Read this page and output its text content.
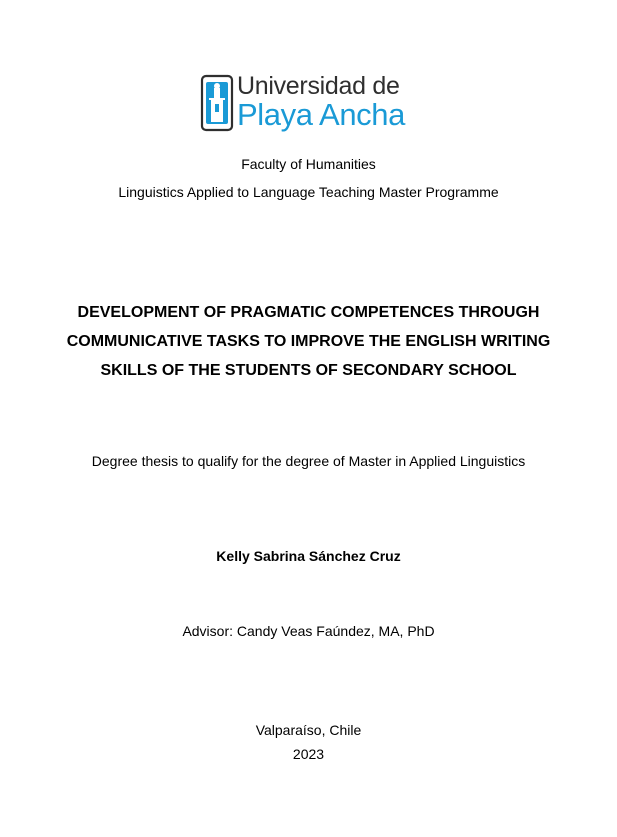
Universidad de
Playa Ancha
Faculty of Humanities
Linguistics Applied to Language Teaching Master Programme
DEVELOPMENT OF PRAGMATIC COMPETENCES THROUGH
COMMUNICATIVE TASKS TO IMPROVE THE ENGLISH WRITING
SKILLS OF THE STUDENTS OF SECONDARY SCHOOL
Degree thesis to qualify for the degree of Master in Applied Linguistics
Kelly Sabrina Sánchez Cruz
Advisor: Candy Veas Faúndez, MA, PhD
Valparaíso, Chile
2023
